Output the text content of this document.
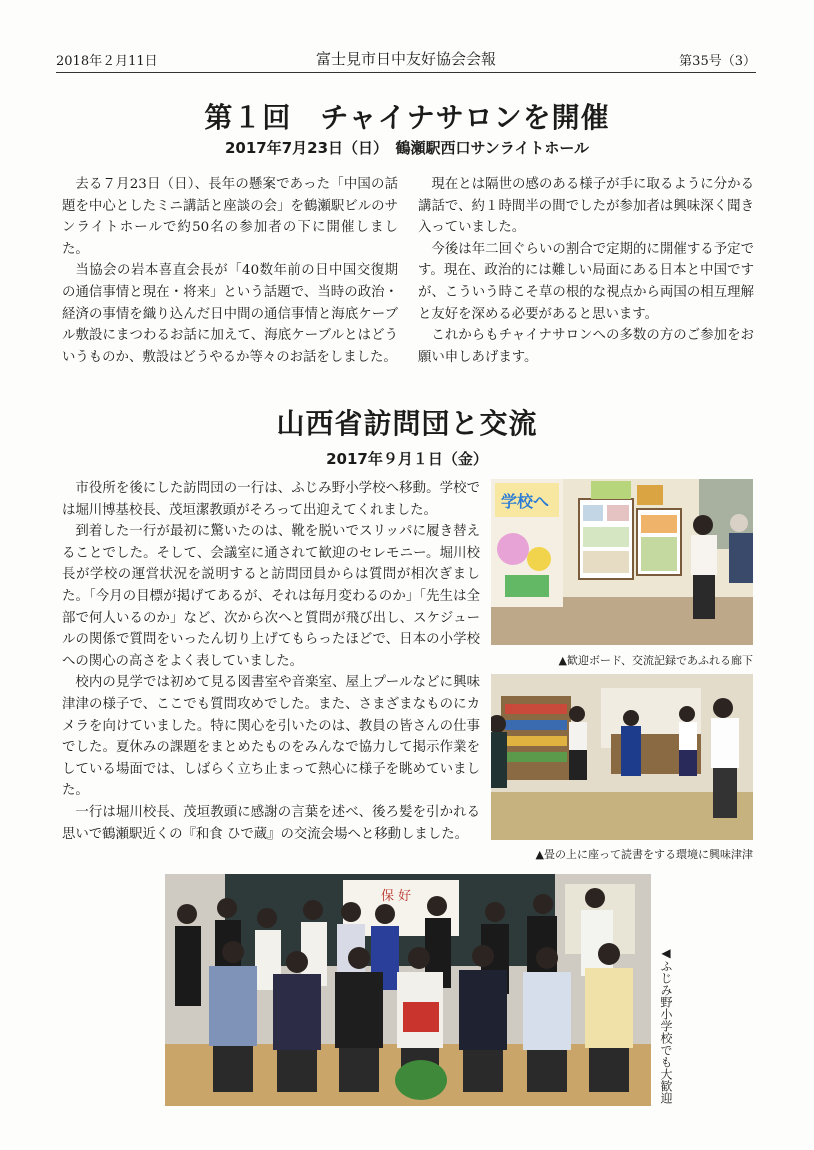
2018年２月11日	富士見市日中友好協会会報	第35号（3）
第１回　チャイナサロンを開催
2017年7月23日（日）　鶴瀬駅西口サンライトホール

去る７月23日（日）、長年の懸案であった「中国の話題を中心としたミニ講話と座談の会」を鶴瀬駅ビルのサンライトホールで約50名の参加者の下に開催しました。

当協会の岩本喜直会長が「40数年前の日中国交復期の通信事情と現在・将来」という話題で、当時の政治・経済の事情を織り込んだ日中間の通信事情と海底ケーブル敷設にまつわるお話に加えて、海底ケーブルとはどういうものか、敷設はどうやるか等々のお話をしました。

現在とは隔世の感のある様子が手に取るように分かる講話で、約１時間半の間でしたが参加者は興味深く聞き入っていました。

今後は年二回ぐらいの割合で定期的に開催する予定です。現在、政治的には難しい局面にある日本と中国ですが、こういう時こそ草の根的な視点から両国の相互理解と友好を深める必要があると思います。

これからもチャイナサロンへの多数の方のご参加をお願い申しあげます。

山西省訪問団と交流
2017年９月１日（金）

市役所を後にした訪問団の一行は、ふじみ野小学校へ移動。学校では堀川博基校長、茂垣潔教頭がそろって出迎えてくれました。

到着した一行が最初に驚いたのは、靴を脱いでスリッパに履き替えることでした。そして、会議室に通されて歓迎のセレモニー。堀川校長が学校の運営状況を説明すると訪問団員からは質問が相次ぎました。「今月の目標が掲げてあるが、それは毎月変わるのか」「先生は全部で何人いるのか」など、次から次へと質問が飛び出し、スケジュールの関係で質問をいったん切り上げてもらったほどで、日本の小学校への関心の高さをよく表していました。

校内の見学では初めて見る図書室や音楽室、屋上プールなどに興味津津の様子で、ここでも質問攻めでした。また、さまざまなものにカメラを向けていました。特に関心を引いたのは、教員の皆さんの仕事でした。夏休みの課題をまとめたものをみんなで協力して掲示作業をしている場面では、しばらく立ち止まって熱心に様子を眺めていました。

一行は堀川校長、茂垣教頭に感謝の言葉を述べ、後ろ髪を引かれる思いで鶴瀬駅近くの『和食 ひで蔵』の交流会場へと移動しました。

学校へ
▲歓迎ボード、交流記録であふれる廊下
▲畳の上に座って読書をする環境に興味津津
保 好
◀ふじみ野小学校でも大歓迎
